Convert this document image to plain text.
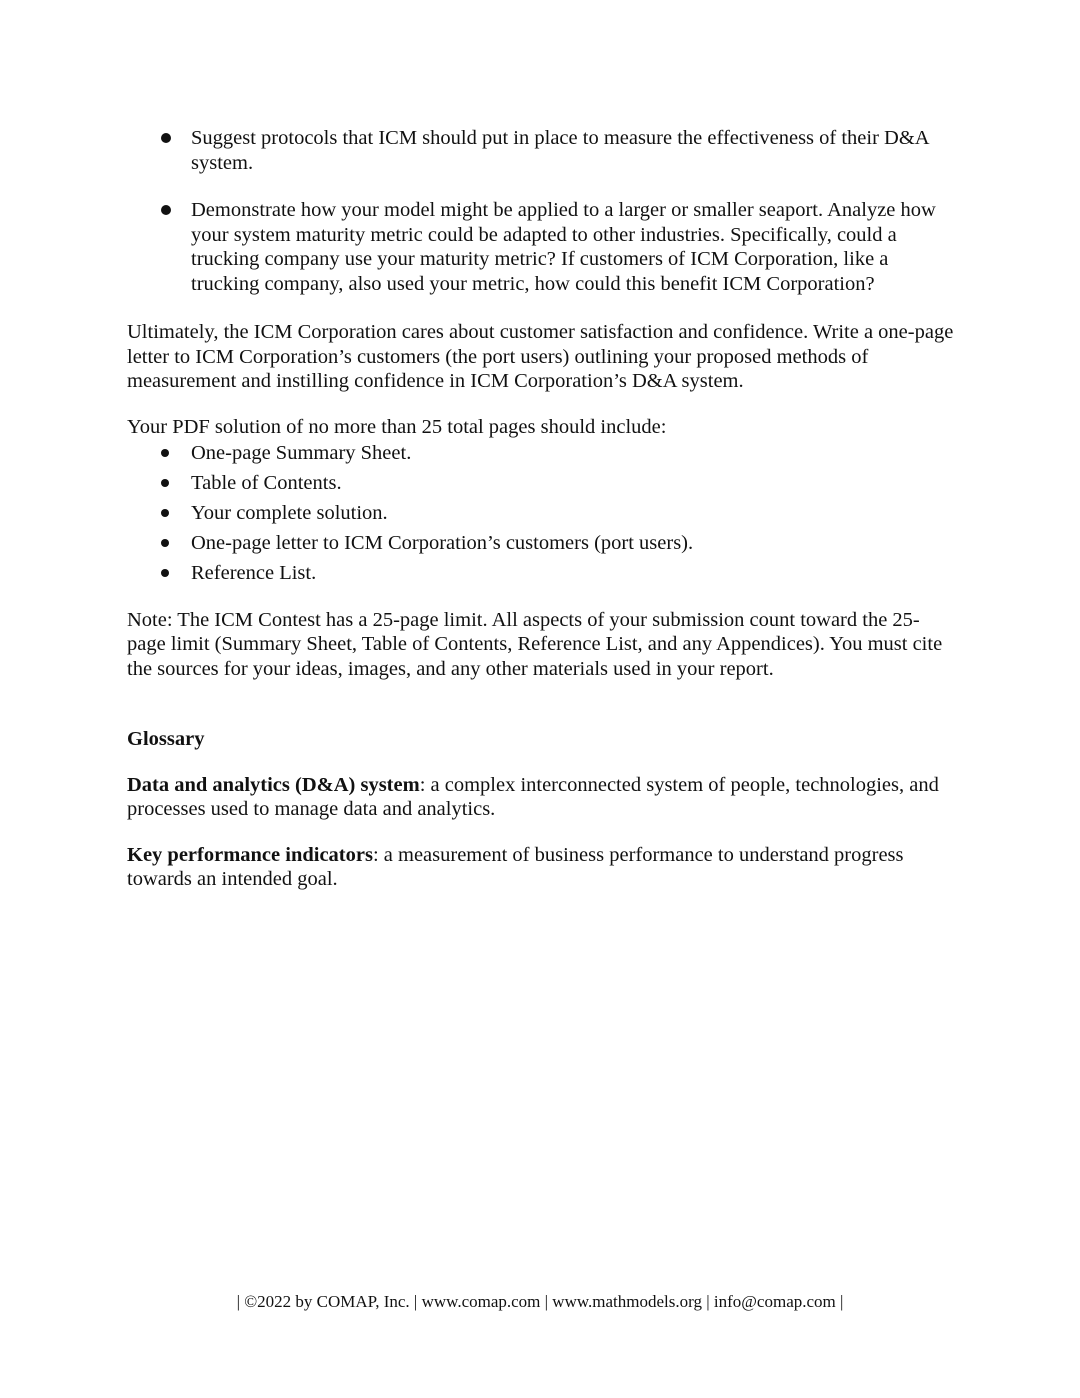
Suggest protocols that ICM should put in place to measure the effectiveness of their D&A system.
Demonstrate how your model might be applied to a larger or smaller seaport. Analyze how your system maturity metric could be adapted to other industries. Specifically, could a trucking company use your maturity metric? If customers of ICM Corporation, like a trucking company, also used your metric, how could this benefit ICM Corporation?

Ultimately, the ICM Corporation cares about customer satisfaction and confidence. Write a one-page letter to ICM Corporation’s customers (the port users) outlining your proposed methods of measurement and instilling confidence in ICM Corporation’s D&A system.

Your PDF solution of no more than 25 total pages should include:

One-page Summary Sheet.
Table of Contents.
Your complete solution.
One-page letter to ICM Corporation’s customers (port users).
Reference List.

Note: The ICM Contest has a 25-page limit. All aspects of your submission count toward the 25-page limit (Summary Sheet, Table of Contents, Reference List, and any Appendices). You must cite the sources for your ideas, images, and any other materials used in your report.

Glossary

Data and analytics (D&A) system: a complex interconnected system of people, technologies, and processes used to manage data and analytics.

Key performance indicators: a measurement of business performance to understand progress towards an intended goal.

| ©2022 by COMAP, Inc. | www.comap.com | www.mathmodels.org | info@comap.com |
